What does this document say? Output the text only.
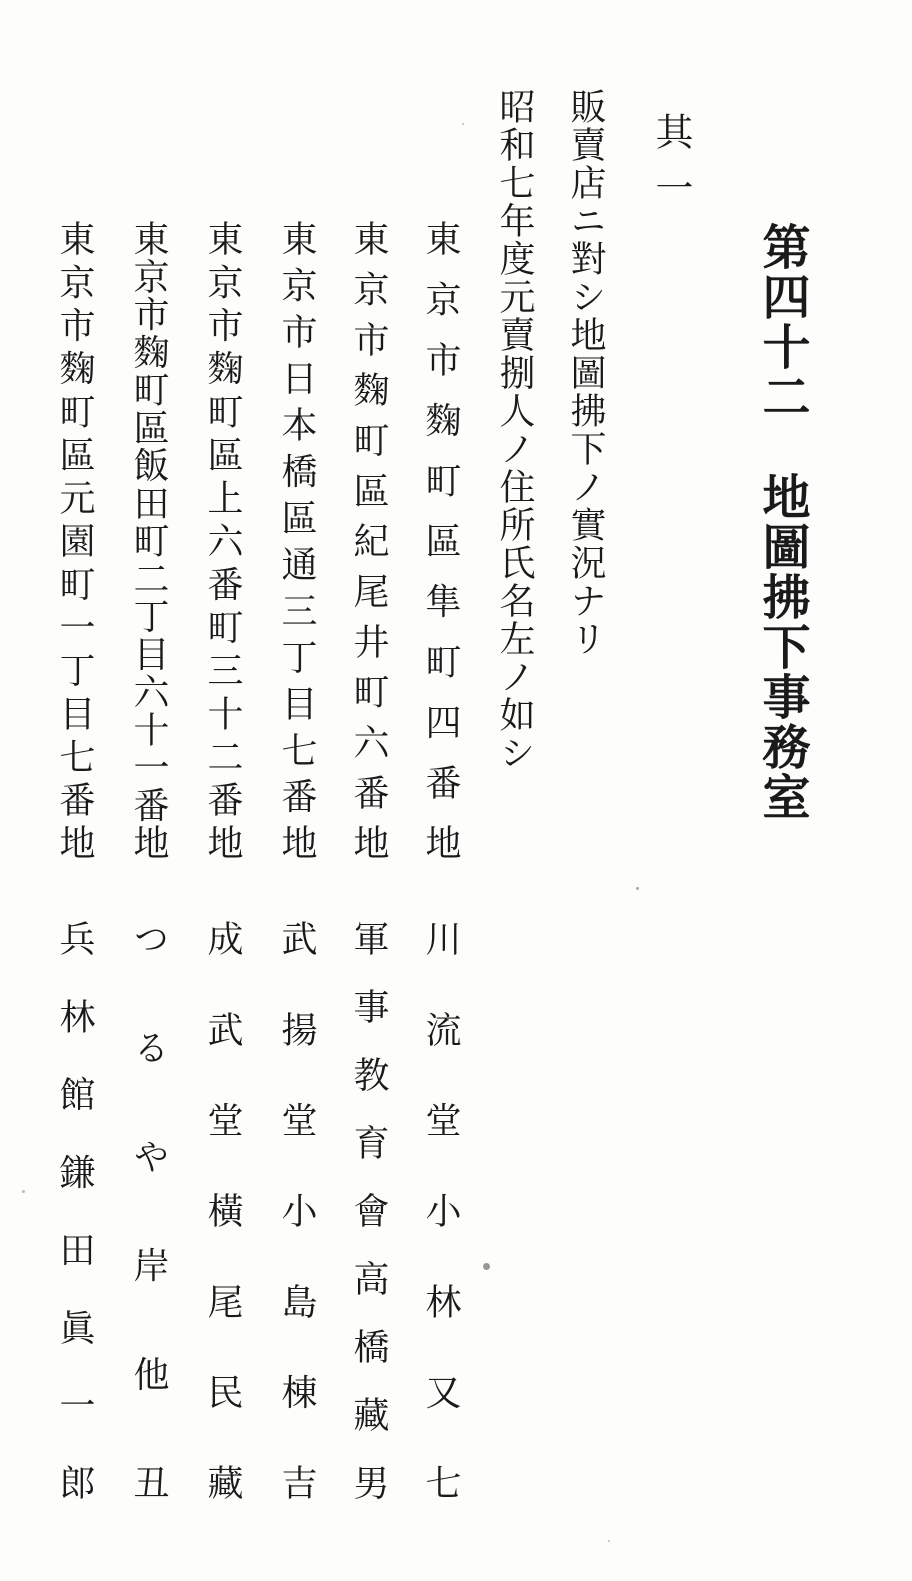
第四十二　地圖拂下事務室
其一
販賣店ニ對シ地圖拂下ノ實況ナリ
昭和七年度元賣捌人ノ住所氏名左ノ如シ
東京市麴町區隼町四番地
川流堂小林又七
東京市麴町區紀尾井町六番地
軍事教育會高橋藏男
東京市日本橋區通三丁目七番地
武揚堂小島棟吉
東京市麴町區上六番町三十二番地
成武堂橫尾民藏
東京市麴町區飯田町二丁目六十一番地
つるや岸他丑
東京市麴町區元園町一丁目七番地
兵林館鎌田眞一郎
